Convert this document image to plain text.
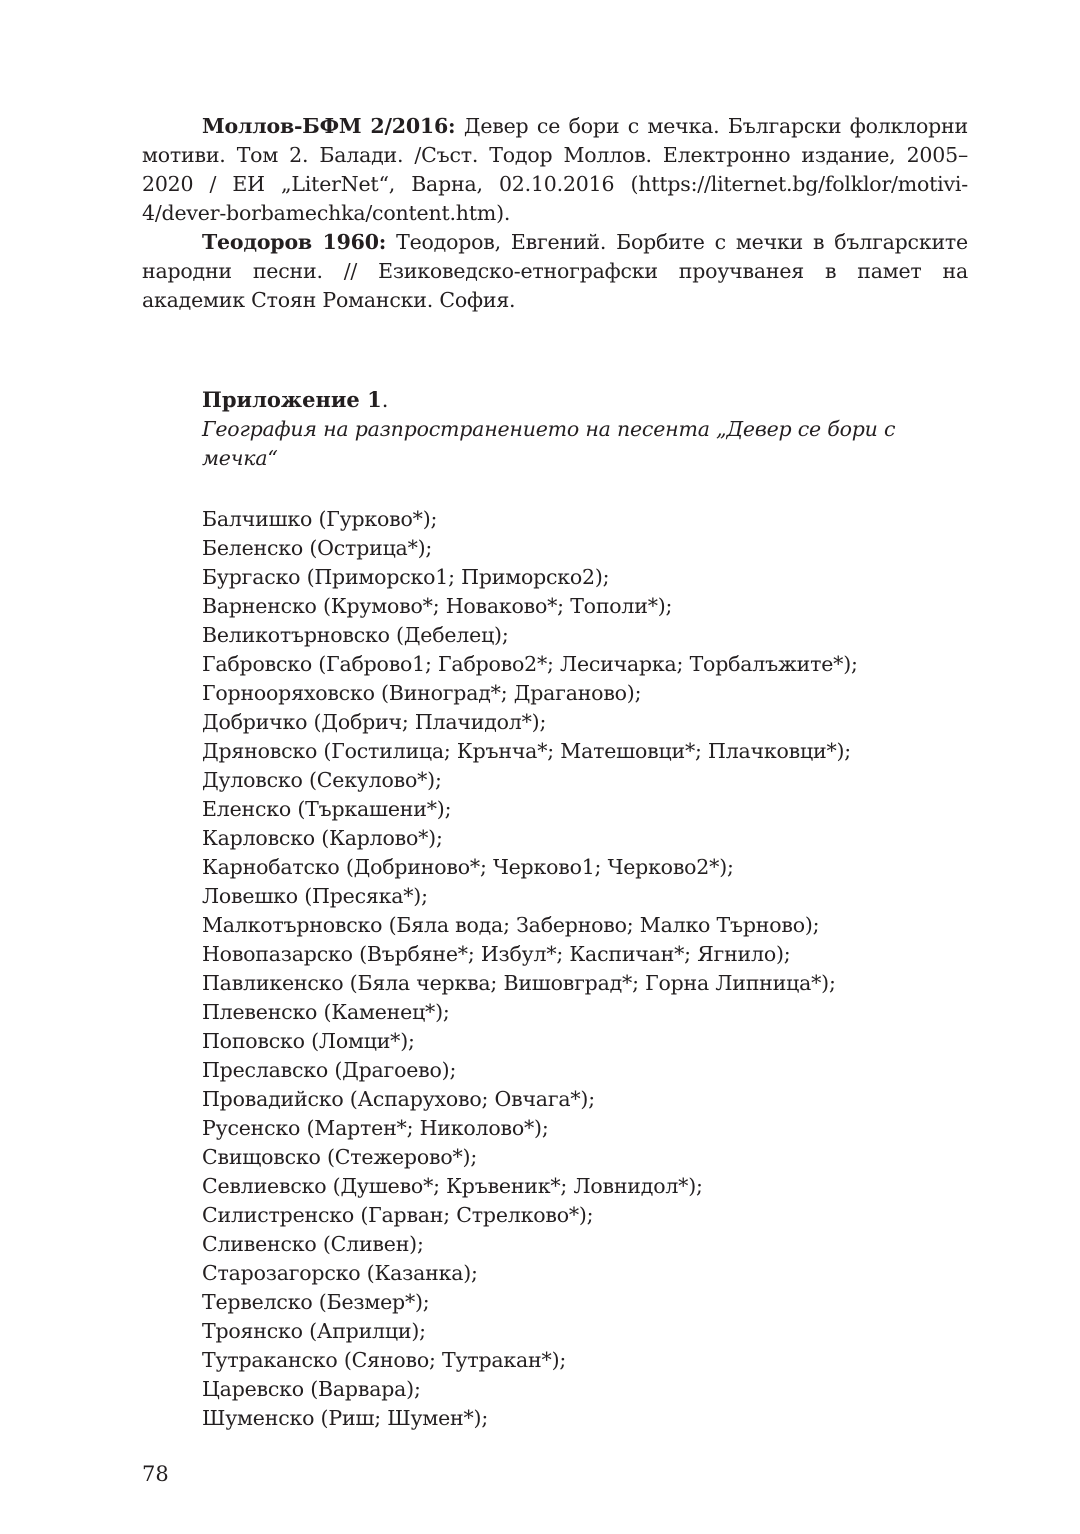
Моллов-БФМ 2/2016: Девер се бори с мечка. Български фолклорни мотиви. Том 2. Балади. /Съст. Тодор Моллов. Електронно издание, 2005–2020 / ЕИ „LiterNet“, Варна, 02.10.2016 (https://liternet.bg/folklor/motivi-4/dever-borbamechka/content.htm).

Теодоров 1960: Теодоров, Евгений. Борбите с мечки в българските народни песни. // Езиковедско-етнографски проучванея в памет на академик Стоян Романски. София.

Приложение 1.

География на разпространението на песента „Девер се бори с мечка“

Балчишко (Гурково*);
Беленско (Острица*);
Бургаско (Приморско1; Приморско2);
Варненско (Крумово*; Новаково*; Тополи*);
Великотърновско (Дебелец);
Габровско (Габрово1; Габрово2*; Лесичарка; Торбалъжите*);
Горнооряховско (Виноград*; Драганово);
Добричко (Добрич; Плачидол*);
Дряновско (Гостилица; Крънча*; Матешовци*; Плачковци*);
Дуловско (Секулово*);
Еленско (Търкашени*);
Карловско (Карлово*);
Карнобатско (Добриново*; Черково1; Черково2*);
Ловешко (Пресяка*);
Малкотърновско (Бяла вода; Заберново; Малко Търново);
Новопазарско (Върбяне*; Избул*; Каспичан*; Ягнило);
Павликенско (Бяла черква; Вишовград*; Горна Липница*);
Плевенско (Каменец*);
Поповско (Ломци*);
Преславско (Драгоево);
Провадийско (Аспарухово; Овчага*);
Русенско (Мартен*; Николово*);
Свищовско (Стежерово*);
Севлиевско (Душево*; Кръвеник*; Ловнидол*);
Силистренско (Гарван; Стрелково*);
Сливенско (Сливен);
Старозагорско (Казанка);
Тервелско (Безмер*);
Троянско (Априлци);
Тутраканско (Сяново; Тутракан*);
Царевско (Варвара);
Шуменско (Риш; Шумен*);
78
